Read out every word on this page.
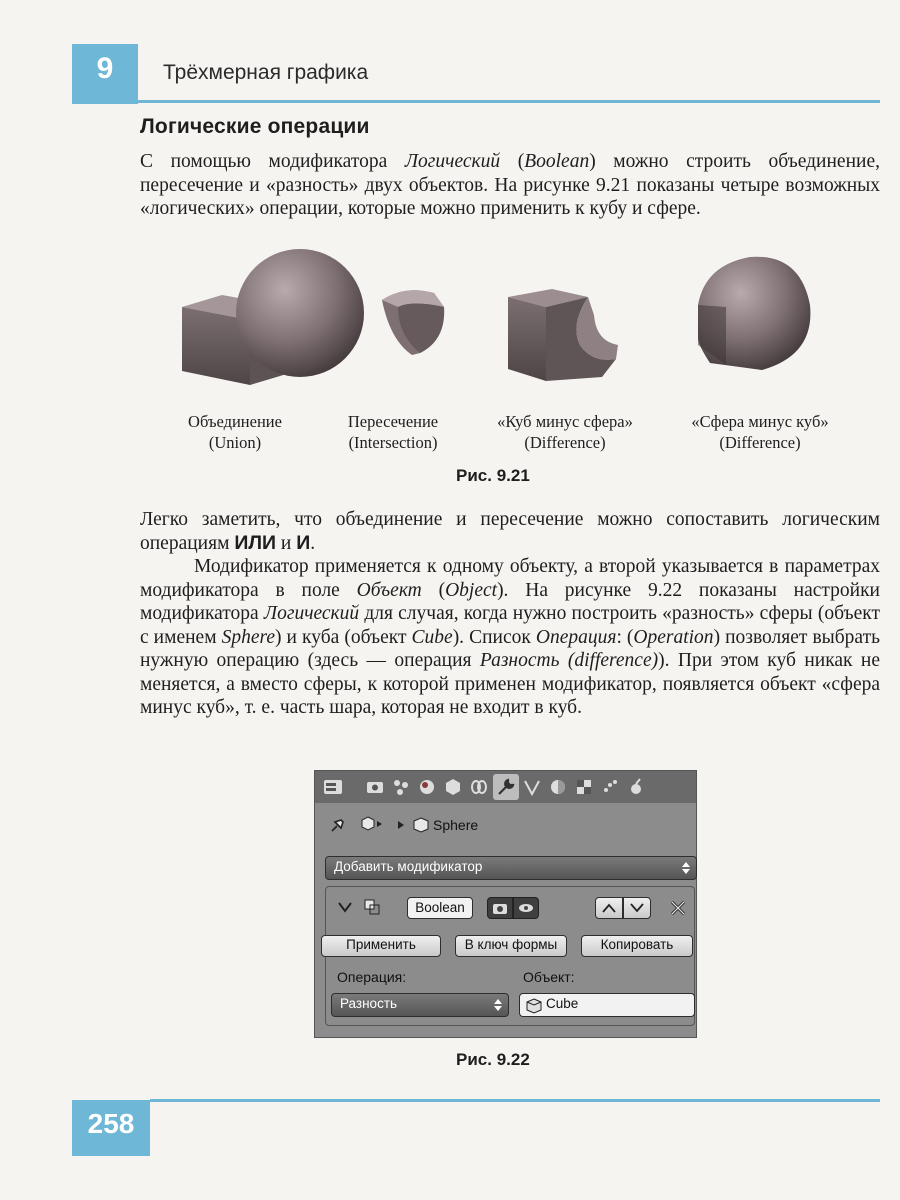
9	Трёхмерная графика
Логические операции

С помощью модификатора Логический (Boolean) можно строить объединение, пересечение и «разность» двух объектов. На рисунке 9.21 показаны четыре возможных «логических» операции, которые можно применить к кубу и сфере.

Объединение
(Union)
Пересечение
(Intersection)
«Куб минус сфера»
(Difference)
«Сфера минус куб»
(Difference)
Рис. 9.21

Легко заметить, что объединение и пересечение можно сопоставить логическим операциям ИЛИ и И.

Модификатор применяется к одному объекту, а второй указывается в параметрах модификатора в поле Объект (Object). На рисунке 9.22 показаны настройки модификатора Логический для случая, когда нужно построить «разность» сферы (объект с именем Sphere) и куба (объект Cube). Список Операция: (Operation) позволяет выбрать нужную операцию (здесь — операция Разность (difference)). При этом куб никак не меняется, а вместо сферы, к которой применен модификатор, появляется объект «сфера минус куб», т. е. часть шара, которая не входит в куб.

Sphere
Добавить модификатор
Boolean
Применить	В ключ формы	Копировать
Операция:	Объект:
Разность	Cube
Рис. 9.22
258
